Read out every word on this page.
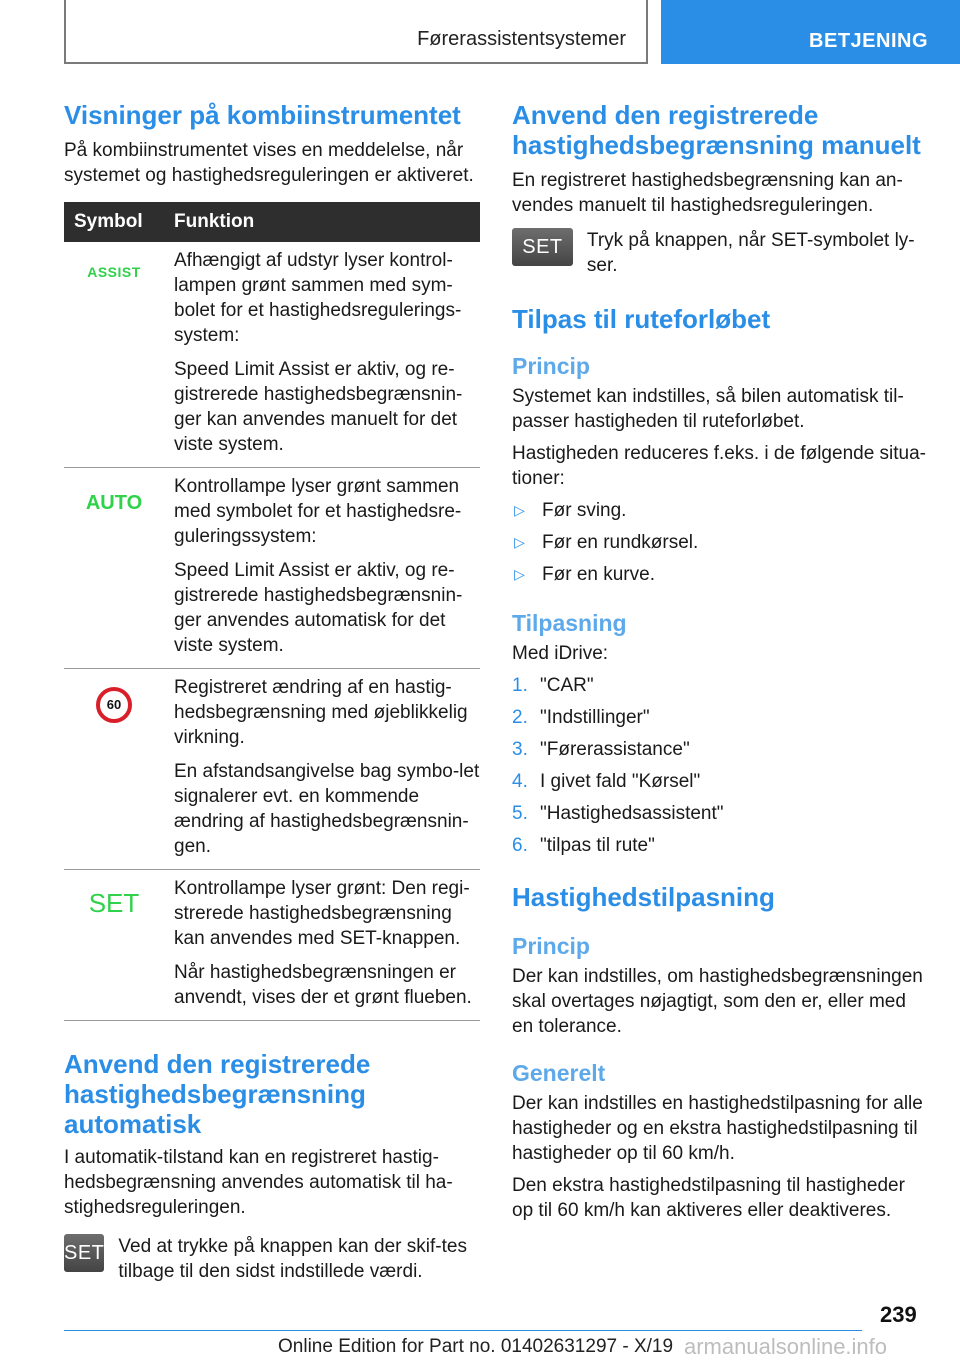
Førerassistentsystemer	BETJENING
Visninger på kombiinstrumentet

På kombiinstrumentet vises en meddelelse, når systemet og hastighedsreguleringen er aktiveret.

Symbol	Funktion
ASSIST	Afhængigt af udstyr lyser kontrol-lampen grønt sammen med sym-bolet for et hastighedsregulerings-system:

Speed Limit Assist er aktiv, og re-gistrerede hastighedsbegrænsnin-ger kan anvendes manuelt for det viste system.

AUTO	Kontrollampe lyser grønt sammen med symbolet for et hastighedsre-guleringssystem:

Speed Limit Assist er aktiv, og re-gistrerede hastighedsbegrænsnin-ger anvendes automatisk for det viste system.

60	Registreret ændring af en hastig-hedsbegrænsning med øjeblikkelig virkning.

En afstandsangivelse bag symbo-let signalerer evt. en kommende ændring af hastighedsbegrænsnin-gen.

SET	Kontrollampe lyser grønt: Den regi-strerede hastighedsbegrænsning kan anvendes med SET-knappen.

Når hastighedsbegrænsningen er anvendt, vises der et grønt flueben.

Anvend den registrerede hastighedsbegrænsning automatisk

I automatik-tilstand kan en registreret hastig-hedsbegrænsning anvendes automatisk til ha-stighedsreguleringen.

SET Ved at trykke på knappen kan der skif-tes tilbage til den sidst indstillede værdi.

Anvend den registrerede hastighedsbegrænsning manuelt

En registreret hastighedsbegrænsning kan an-vendes manuelt til hastighedsreguleringen.

SET	Tryk på knappen, når SET-symbolet ly-ser.

Tilpas til ruteforløbet
Princip

Systemet kan indstilles, så bilen automatisk til-passer hastigheden til ruteforløbet.

Hastigheden reduceres f.eks. i de følgende situa-tioner:

▷ Før sving.
▷ Før en rundkørsel.
▷ Før en kurve.
Tilpasning

Med iDrive:

1. "CAR"
2. "Indstillinger"
3. "Førerassistance"
4. I givet fald "Kørsel"
5. "Hastighedsassistent"
6. "tilpas til rute"
Hastighedstilpasning
Princip

Der kan indstilles, om hastighedsbegrænsningen skal overtages nøjagtigt, som den er, eller med en tolerance.

Generelt

Der kan indstilles en hastighedstilpasning for alle hastigheder og en ekstra hastighedstilpasning til hastigheder op til 60 km/h.

Den ekstra hastighedstilpasning til hastigheder op til 60 km/h kan aktiveres eller deaktiveres.

239
Online Edition for Part no. 01402631297 - X/19 armanualsonline.info
